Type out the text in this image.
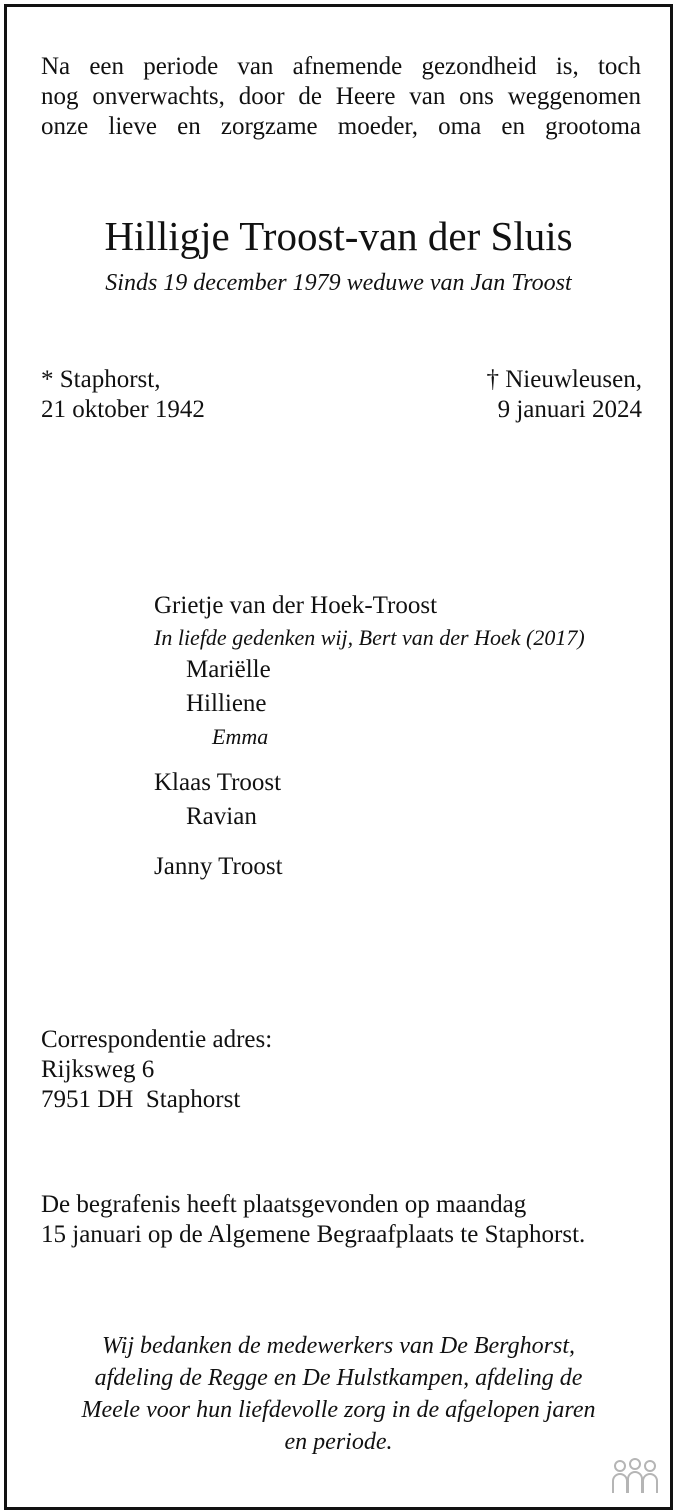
Na een periode van afnemende gezondheid is, toch
nog onverwachts, door de Heere van ons weggenomen
onze lieve en zorgzame moeder, oma en grootoma
Hilligje Troost-van der Sluis
Sinds 19 december 1979 weduwe van Jan Troost
* Staphorst,
21 oktober 1942
† Nieuwleusen,
9 januari 2024
Grietje van der Hoek-Troost
In liefde gedenken wij, Bert van der Hoek (2017)
Mariëlle
Hilliene
Emma
Klaas Troost
Ravian
Janny Troost
Correspondentie adres:
Rijksweg 6
7951 DH  Staphorst
De begrafenis heeft plaatsgevonden op maandag
15 januari op de Algemene Begraafplaats te Staphorst.
Wij bedanken de medewerkers van De Berghorst,
afdeling de Regge en De Hulstkampen, afdeling de
Meele voor hun liefdevolle zorg in de afgelopen jaren
en periode.
